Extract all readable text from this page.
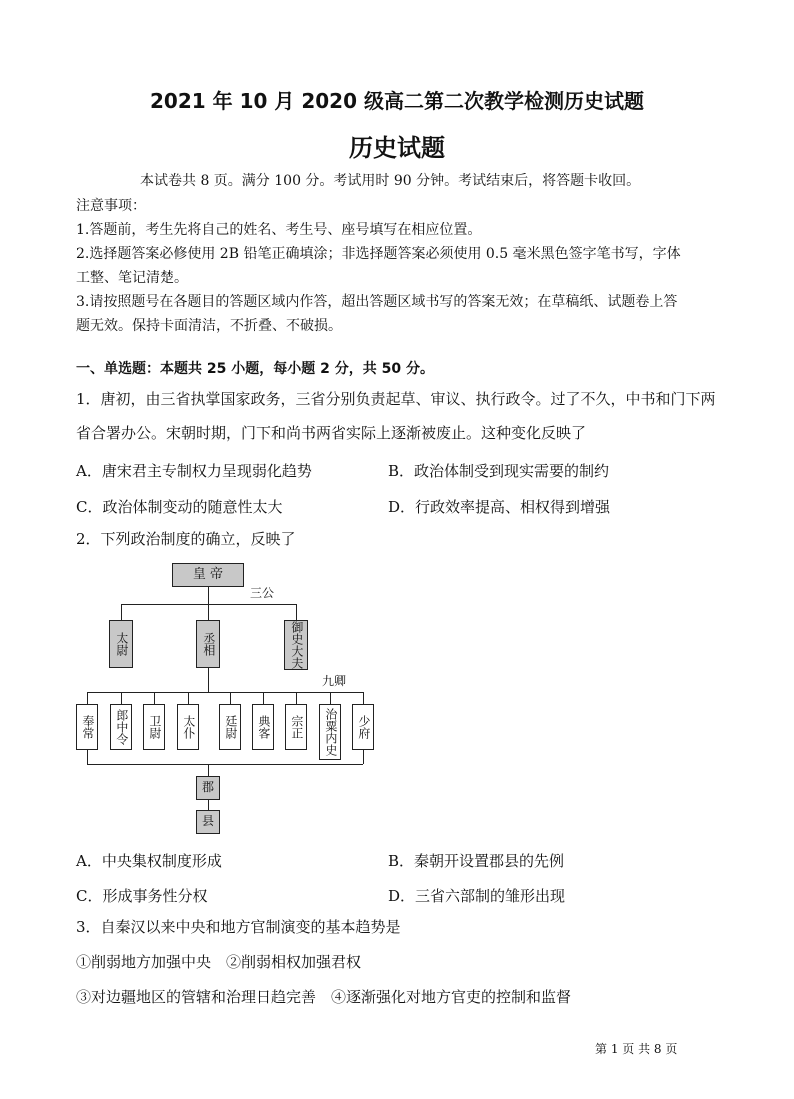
2021 年 10 月 2020 级高二第二次教学检测历史试题
历史试题
本试卷共 8 页。满分 100 分。考试用时 90 分钟。考试结束后，将答题卡收回。
注意事项：
1.答题前，考生先将自己的姓名、考生号、座号填写在相应位置。
2.选择题答案必修使用 2B 铅笔正确填涂；非选择题答案必须使用 0.5 毫米黑色签字笔书写，字体
工整、笔记清楚。
3.请按照题号在各题目的答题区域内作答，超出答题区域书写的答案无效；在草稿纸、试题卷上答
题无效。保持卡面清洁，不折叠、不破损。
一、单选题：本题共 25 小题，每小题 2 分，共 50 分。
1．唐初，由三省执掌国家政务，三省分别负责起草、审议、执行政令。过了不久，中书和门下两
省合署办公。宋朝时期，门下和尚书两省实际上逐渐被废止。这种变化反映了
A．唐宋君主专制权力呈现弱化趋势	B．政治体制受到现实需要的制约
C．政治体制变动的随意性太大	D．行政效率提高、相权得到增强
2．下列政治制度的确立，反映了
皇 帝
三公
太尉	丞相	御史大夫
九卿
奉常	郎中令	卫尉	太仆	廷尉	典客	宗正	治粟内史	少府
郡
县
A．中央集权制度形成	B．秦朝开设置郡县的先例
C．形成事务性分权	D．三省六部制的雏形出现
3．自秦汉以来中央和地方官制演变的基本趋势是
①削弱地方加强中央　②削弱相权加强君权
③对边疆地区的管辖和治理日趋完善　④逐渐强化对地方官吏的控制和监督
第 1 页 共 8 页
